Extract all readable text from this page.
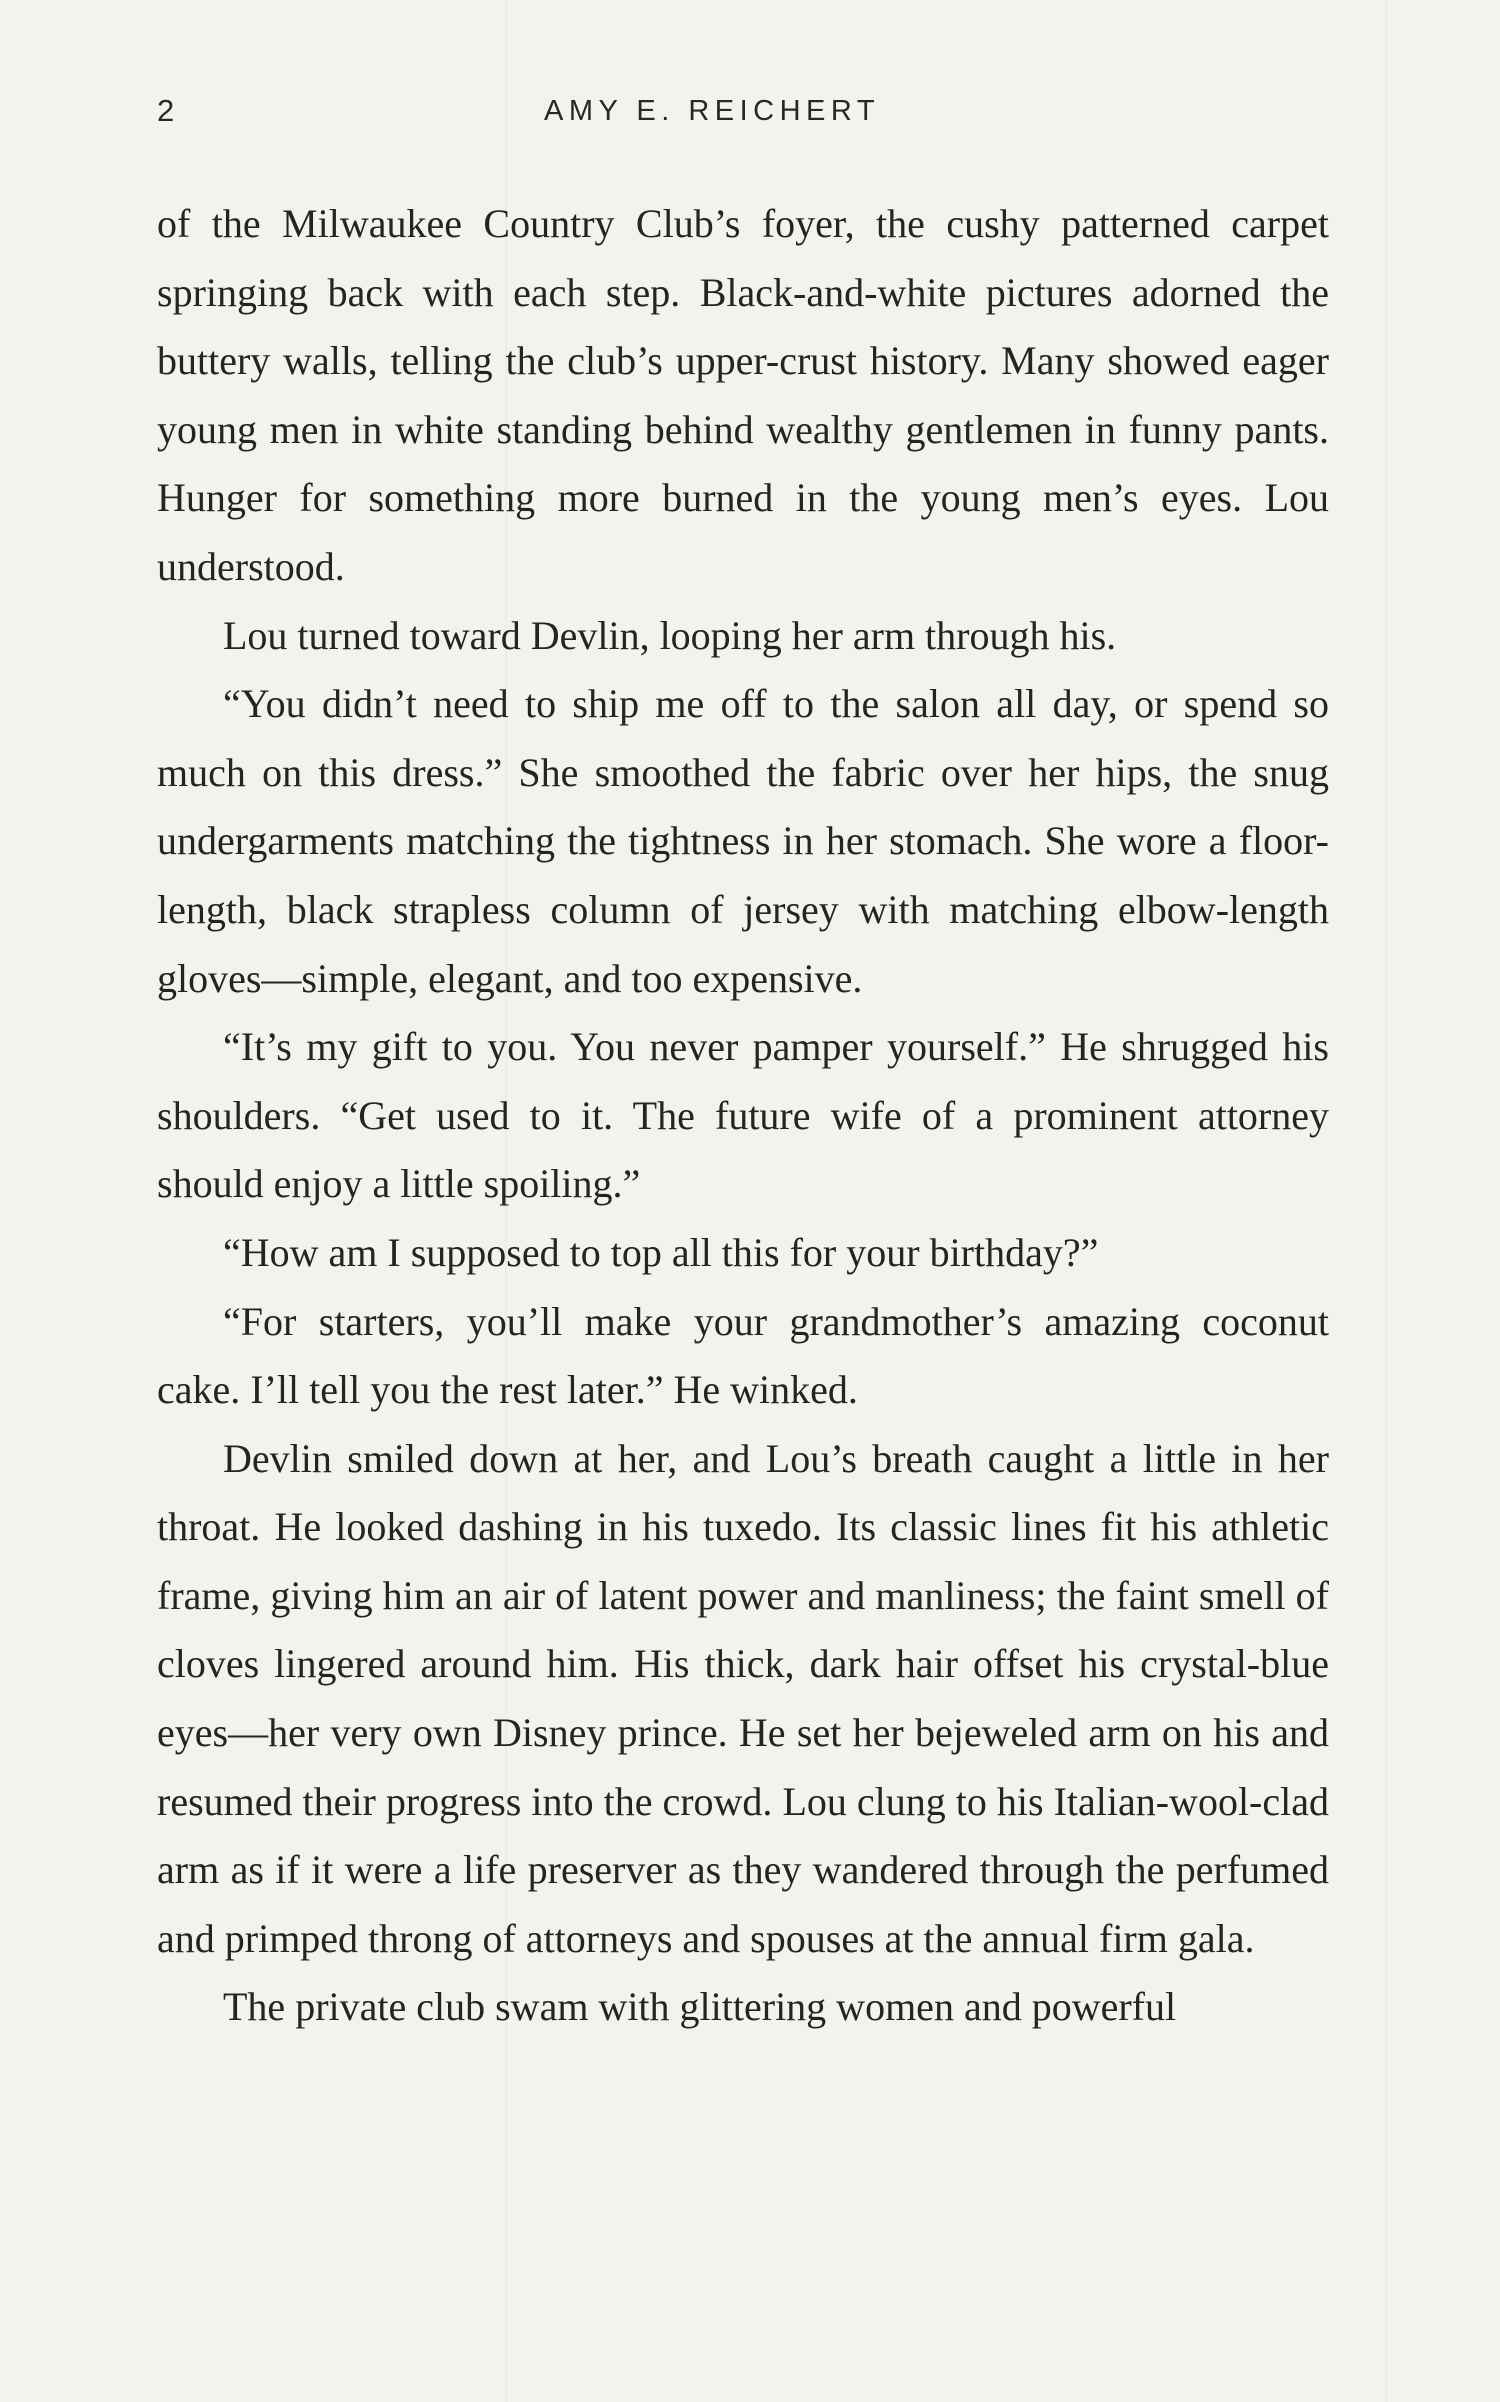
2	AMY E. REICHERT

of the Milwaukee Country Club’s foyer, the cushy patterned carpet springing back with each step. Black-and-white pictures adorned the buttery walls, telling the club’s upper-crust history. Many showed eager young men in white standing behind wealthy gentlemen in funny pants. Hunger for something more burned in the young men’s eyes. Lou understood.

Lou turned toward Devlin, looping her arm through his.

“You didn’t need to ship me off to the salon all day, or spend so much on this dress.” She smoothed the fabric over her hips, the snug undergarments matching the tightness in her stomach. She wore a floor-length, black strapless column of jersey with matching elbow-length gloves—simple, elegant, and too expensive.

“It’s my gift to you. You never pamper yourself.” He shrugged his shoulders. “Get used to it. The future wife of a prominent attorney should enjoy a little spoiling.”

“How am I supposed to top all this for your birthday?”

“For starters, you’ll make your grandmother’s amazing coconut cake. I’ll tell you the rest later.” He winked.

Devlin smiled down at her, and Lou’s breath caught a little in her throat. He looked dashing in his tuxedo. Its classic lines fit his athletic frame, giving him an air of latent power and manliness; the faint smell of cloves lingered around him. His thick, dark hair offset his crystal-blue eyes—her very own Disney prince. He set her bejeweled arm on his and resumed their progress into the crowd. Lou clung to his Italian-wool-clad arm as if it were a life preserver as they wandered through the perfumed and primped throng of attorneys and spouses at the annual firm gala.

The private club swam with glittering women and powerful
